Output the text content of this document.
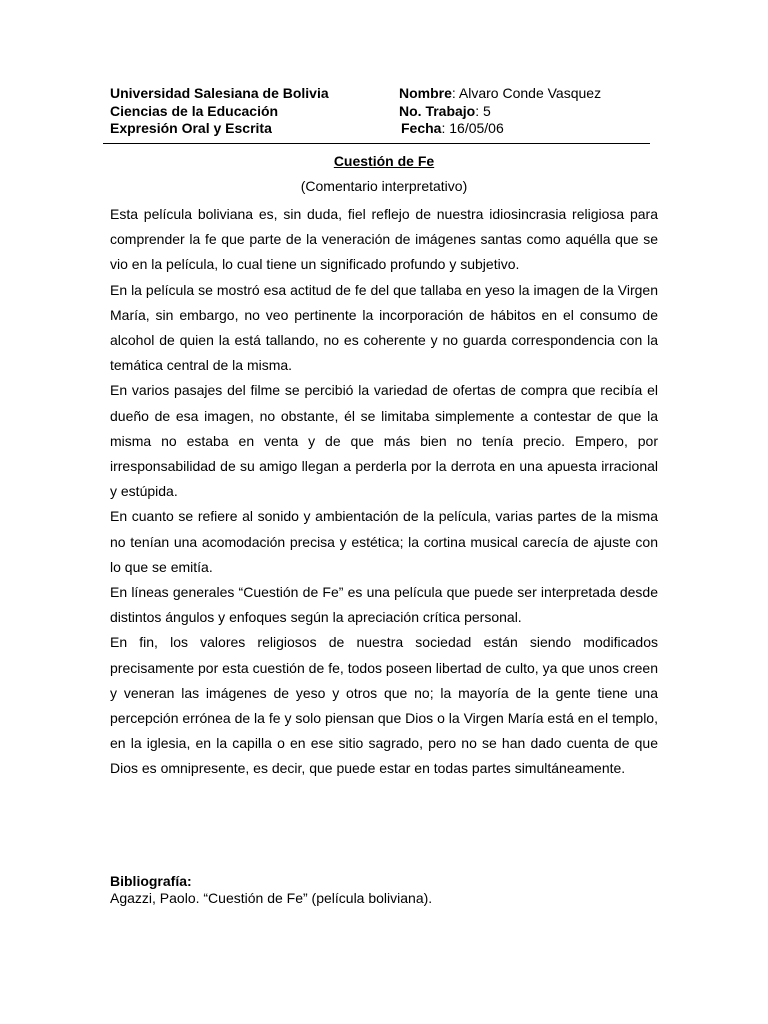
Universidad Salesiana de Bolivia	Nombre: Alvaro Conde Vasquez
Ciencias de la Educación	No. Trabajo: 5
Expresión Oral y Escrita	Fecha: 16/05/06
Cuestión de Fe
(Comentario interpretativo)

Esta película boliviana es, sin duda, fiel reflejo de nuestra idiosincrasia religiosa para comprender la fe que parte de la veneración de imágenes santas como aquélla que se vio en la película, lo cual tiene un significado profundo y subjetivo.

En la película se mostró esa actitud de fe del que tallaba en yeso la imagen de la Virgen María, sin embargo, no veo pertinente la incorporación de hábitos en el consumo de alcohol de quien la está tallando, no es coherente y no guarda correspondencia con la temática central de la misma.

En varios pasajes del filme se percibió la variedad de ofertas de compra que recibía el dueño de esa imagen, no obstante, él se limitaba simplemente a contestar de que la misma no estaba en venta y de que más bien no tenía precio. Empero, por irresponsabilidad de su amigo llegan a perderla por la derrota en una apuesta irracional y estúpida.

En cuanto se refiere al sonido y ambientación de la película, varias partes de la misma no tenían una acomodación precisa y estética; la cortina musical carecía de ajuste con lo que se emitía.

En líneas generales “Cuestión de Fe” es una película que puede ser interpretada desde distintos ángulos y enfoques según la apreciación crítica personal.

En fin, los valores religiosos de nuestra sociedad están siendo modificados precisamente por esta cuestión de fe, todos poseen libertad de culto, ya que unos creen y veneran las imágenes de yeso y otros que no; la mayoría de la gente tiene una percepción errónea de la fe y solo piensan que Dios o la Virgen María está en el templo, en la iglesia, en la capilla o en ese sitio sagrado, pero no se han dado cuenta de que Dios es omnipresente, es decir, que puede estar en todas partes simultáneamente.

Bibliografía:
Agazzi, Paolo. “Cuestión de Fe” (película boliviana).
